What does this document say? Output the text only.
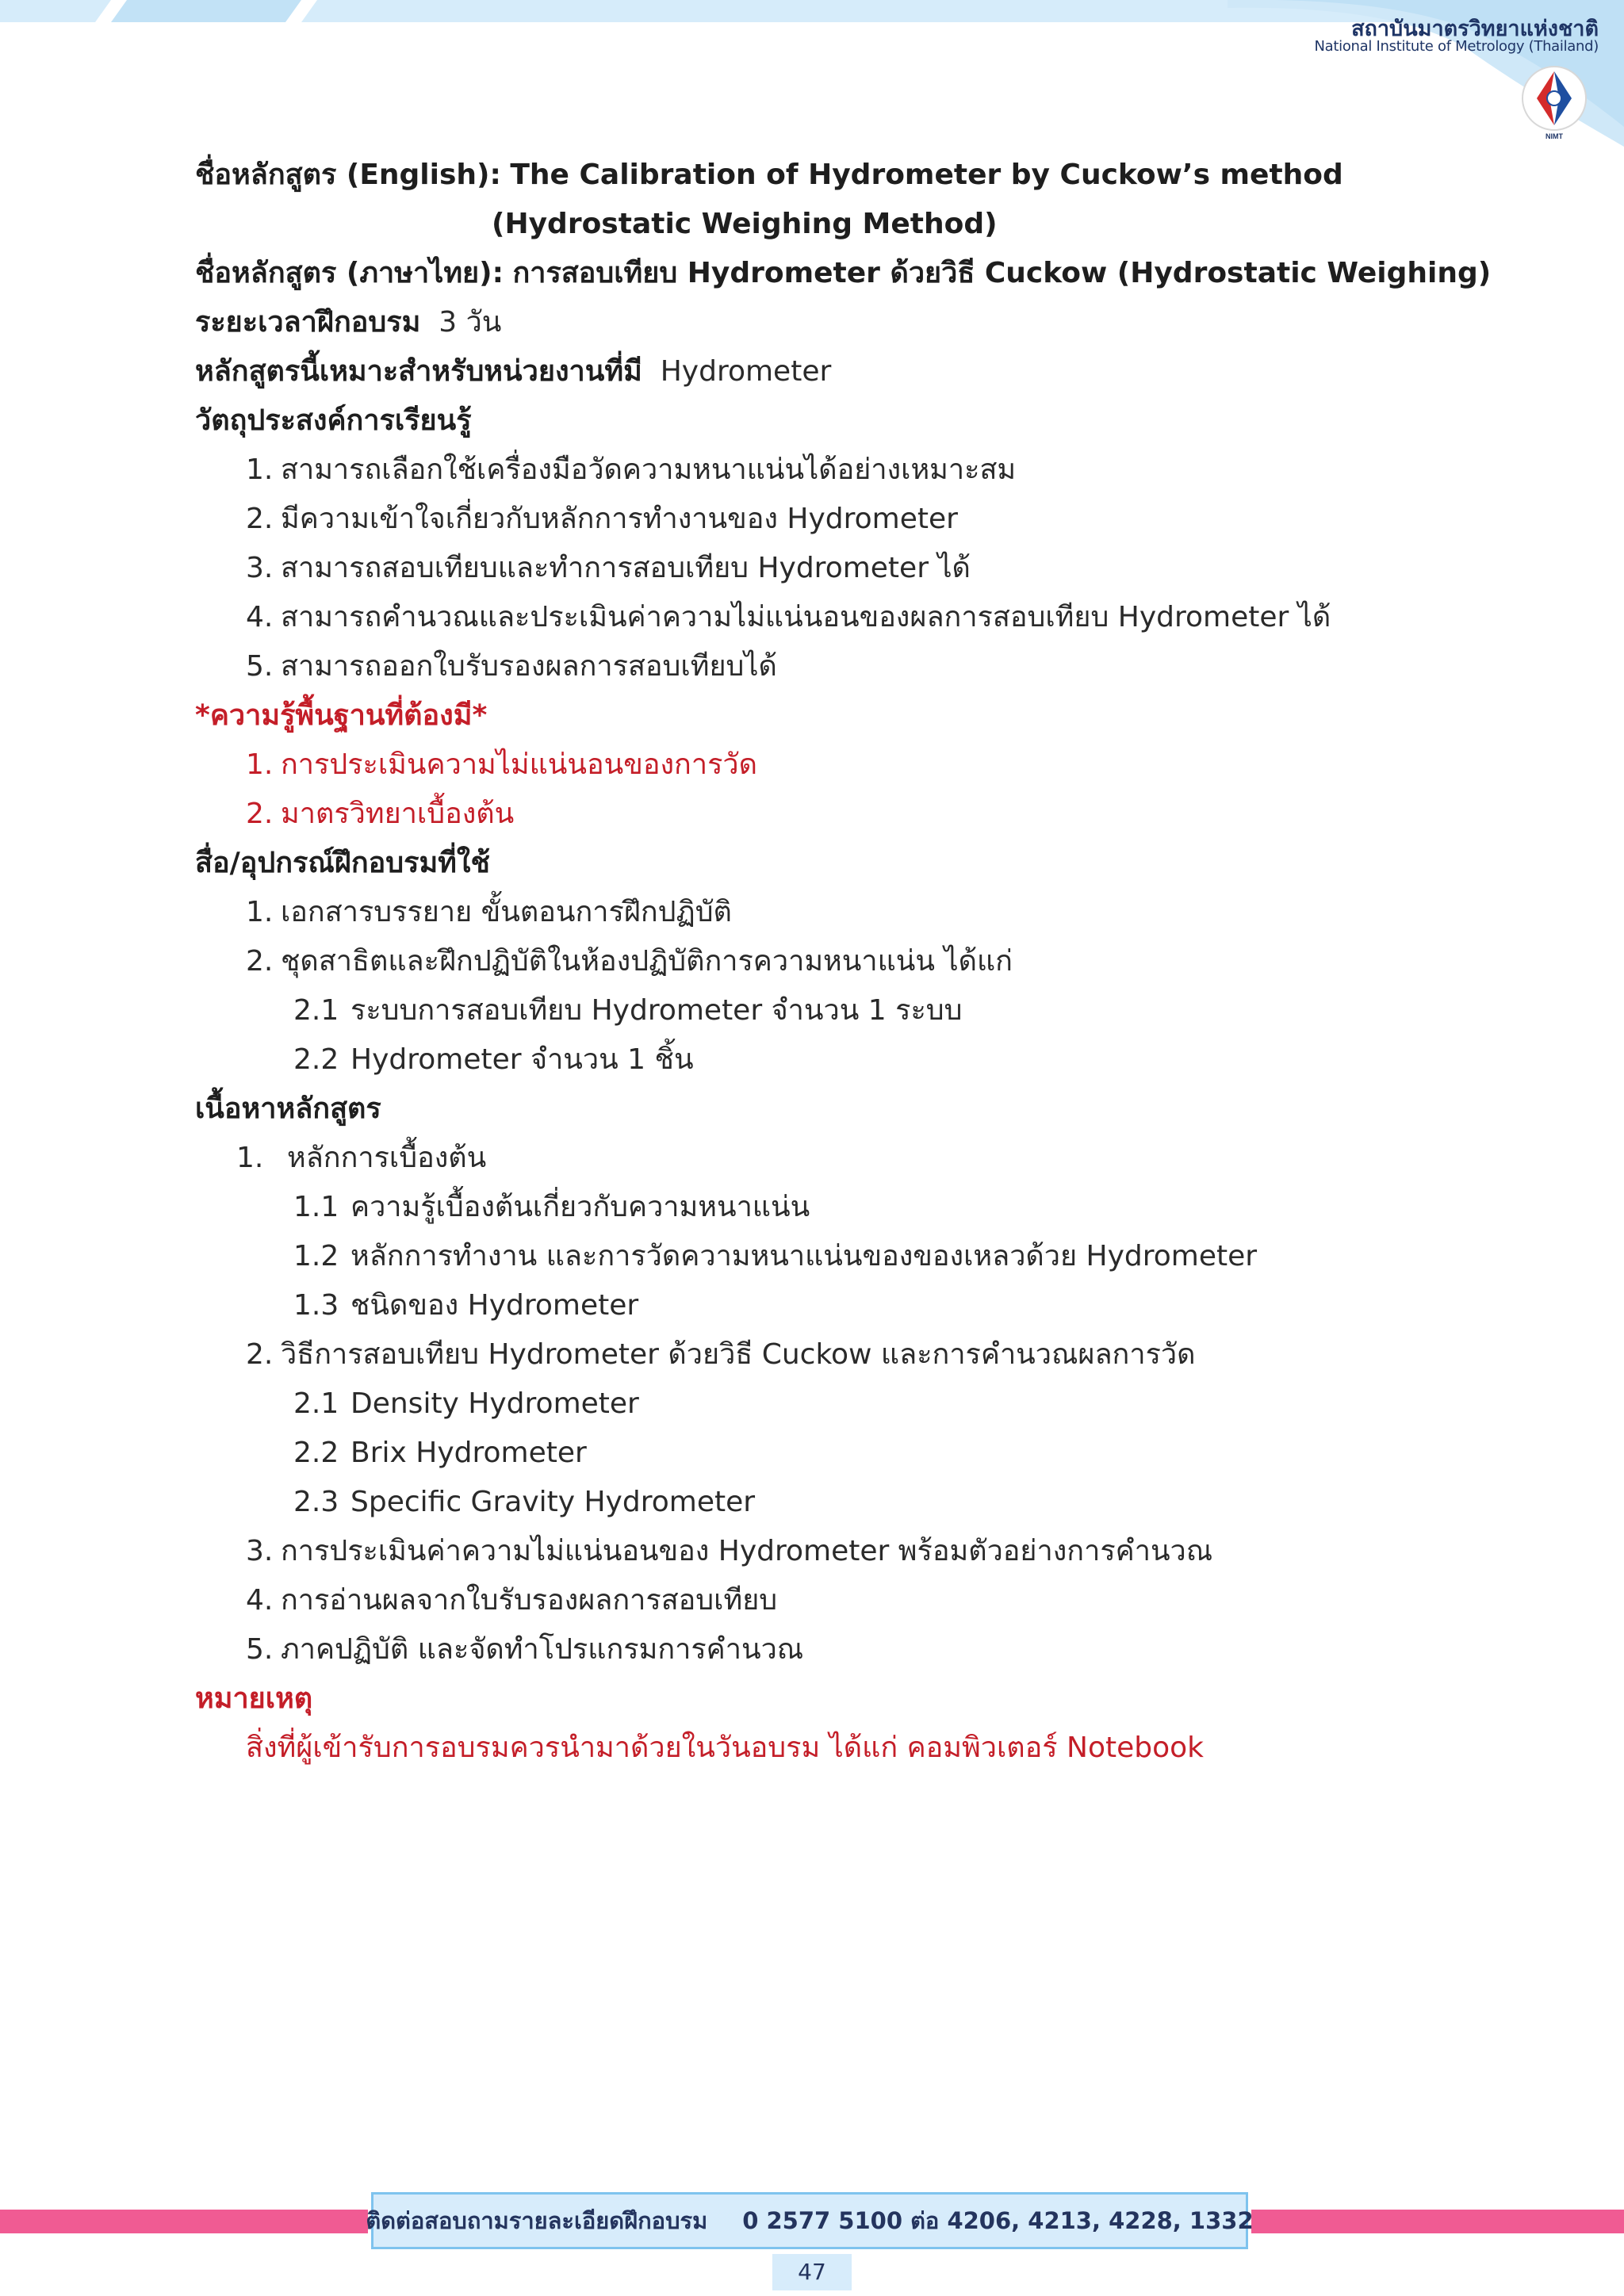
สถาบันมาตรวิทยาแห่งชาติ
National Institute of Metrology (Thailand)
NIMT
ชื่อหลักสูตร (English): The Calibration of Hydrometer by Cuckow’s method
(Hydrostatic Weighing Method)
ชื่อหลักสูตร (ภาษาไทย): การสอบเทียบ Hydrometer ด้วยวิธี Cuckow (Hydrostatic Weighing)
ระยะเวลาฝึกอบรม 3 วัน
หลักสูตรนี้เหมาะสำหรับหน่วยงานที่มี Hydrometer
วัตถุประสงค์การเรียนรู้
1. สามารถเลือกใช้เครื่องมือวัดความหนาแน่นได้อย่างเหมาะสม
2. มีความเข้าใจเกี่ยวกับหลักการทำงานของ Hydrometer
3. สามารถสอบเทียบและทำการสอบเทียบ Hydrometer ได้
4. สามารถคำนวณและประเมินค่าความไม่แน่นอนของผลการสอบเทียบ Hydrometer ได้
5. สามารถออกใบรับรองผลการสอบเทียบได้
*ความรู้พื้นฐานที่ต้องมี*
1. การประเมินความไม่แน่นอนของการวัด
2. มาตรวิทยาเบื้องต้น
สื่อ/อุปกรณ์ฝึกอบรมที่ใช้
1. เอกสารบรรยาย ขั้นตอนการฝึกปฏิบัติ
2. ชุดสาธิตและฝึกปฏิบัติในห้องปฏิบัติการความหนาแน่น ได้แก่
2.1 ระบบการสอบเทียบ Hydrometer จำนวน 1 ระบบ
2.2 Hydrometer จำนวน 1 ชิ้น
เนื้อหาหลักสูตร
1. หลักการเบื้องต้น
1.1 ความรู้เบื้องต้นเกี่ยวกับความหนาแน่น
1.2 หลักการทำงาน และการวัดความหนาแน่นของของเหลวด้วย Hydrometer
1.3 ชนิดของ Hydrometer
2. วิธีการสอบเทียบ Hydrometer ด้วยวิธี Cuckow และการคำนวณผลการวัด
2.1 Density Hydrometer
2.2 Brix Hydrometer
2.3 Specific Gravity Hydrometer
3. การประเมินค่าความไม่แน่นอนของ Hydrometer พร้อมตัวอย่างการคำนวณ
4. การอ่านผลจากใบรับรองผลการสอบเทียบ
5. ภาคปฏิบัติ และจัดทำโปรแกรมการคำนวณ
หมายเหตุ
สิ่งที่ผู้เข้ารับการอบรมควรนำมาด้วยในวันอบรม ได้แก่ คอมพิวเตอร์ Notebook
ติดต่อสอบถามรายละเอียดฝึกอบรม 0 2577 5100 ต่อ 4206, 4213, 4228, 1332
47
